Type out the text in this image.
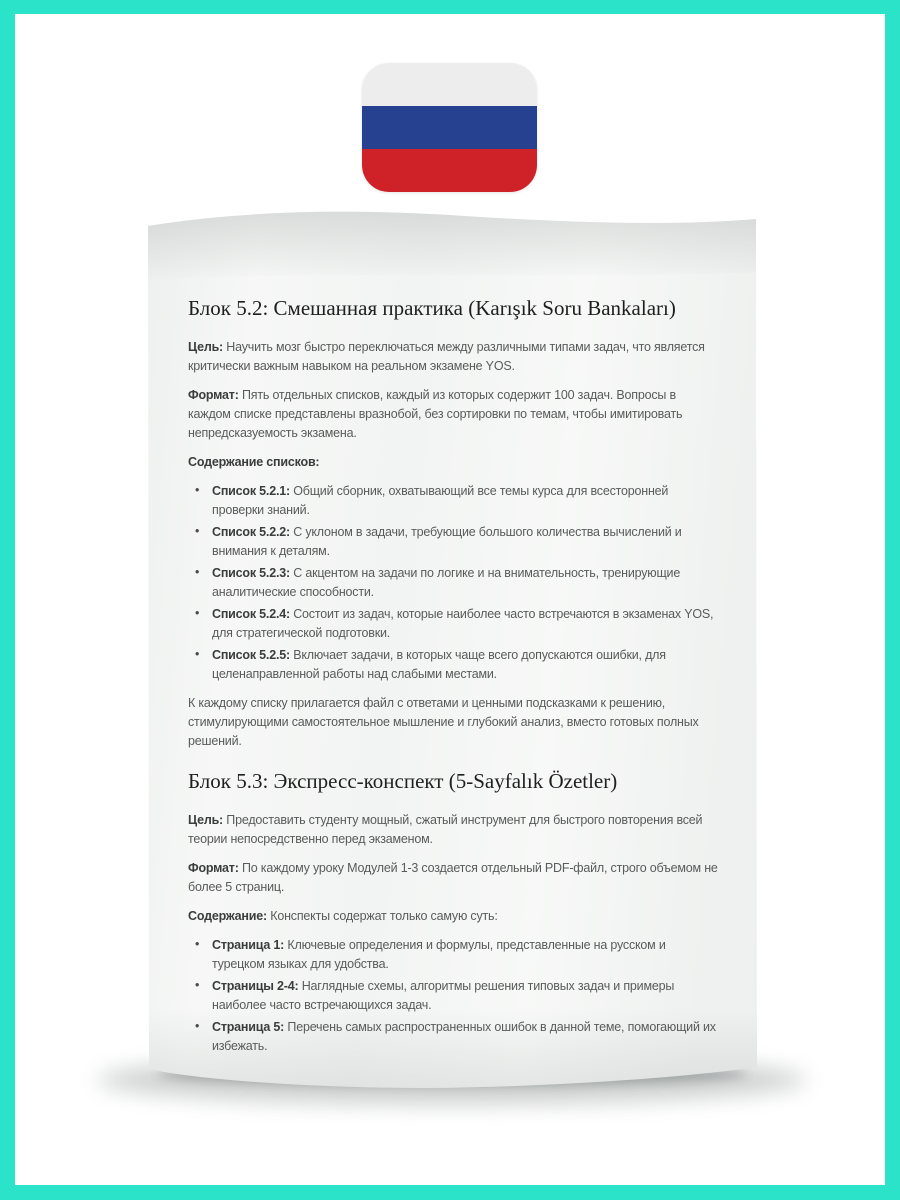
Блок 5.2: Смешанная практика (Karışık Soru Bankaları)

Цель: Научить мозг быстро переключаться между различными типами задач, что является критически важным навыком на реальном экзамене YOS.

Формат: Пять отдельных списков, каждый из которых содержит 100 задач. Вопросы в каждом списке представлены вразнобой, без сортировки по темам, чтобы имитировать непредсказуемость экзамена.

Содержание списков:

• Список 5.2.1: Общий сборник, охватывающий все темы курса для всесторонней проверки знаний.
• Список 5.2.2: С уклоном в задачи, требующие большого количества вычислений и внимания к деталям.
• Список 5.2.3: С акцентом на задачи по логике и на внимательность, тренирующие аналитические способности.
• Список 5.2.4: Состоит из задач, которые наиболее часто встречаются в экзаменах YOS, для стратегической подготовки.
• Список 5.2.5: Включает задачи, в которых чаще всего допускаются ошибки, для целенаправленной работы над слабыми местами.

К каждому списку прилагается файл с ответами и ценными подсказками к решению, стимулирующими самостоятельное мышление и глубокий анализ, вместо готовых полных решений.

Блок 5.3: Экспресс-конспект (5-Sayfalık Özetler)

Цель: Предоставить студенту мощный, сжатый инструмент для быстрого повторения всей теории непосредственно перед экзаменом.

Формат: По каждому уроку Модулей 1-3 создается отдельный PDF-файл, строго объемом не более 5 страниц.

Содержание: Конспекты содержат только самую суть:

• Страница 1: Ключевые определения и формулы, представленные на русском и турецком языках для удобства.
• Страницы 2-4: Наглядные схемы, алгоритмы решения типовых задач и примеры наиболее часто встречающихся задач.
• Страница 5: Перечень самых распространенных ошибок в данной теме, помогающий их избежать.
